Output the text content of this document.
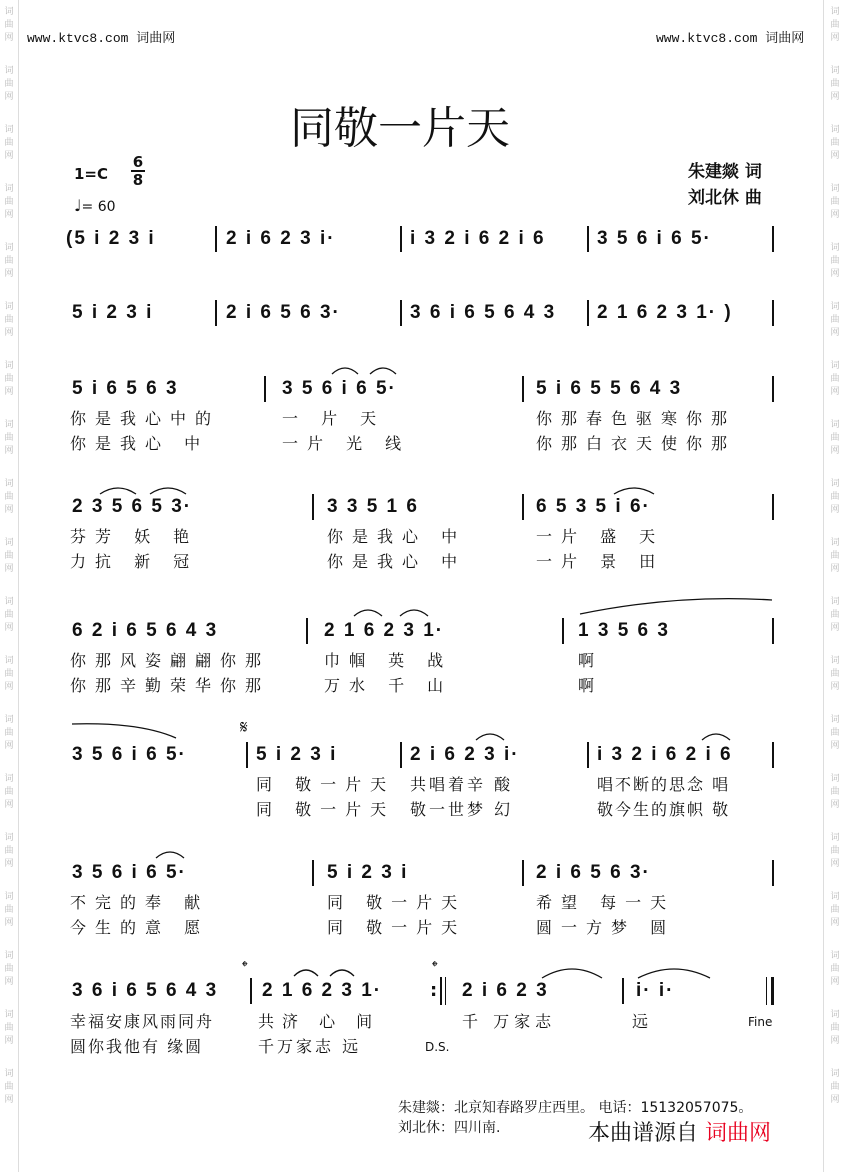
词曲网
词曲网
词曲网
词曲网
词曲网
词曲网
词曲网
词曲网
词曲网
词曲网
词曲网
词曲网
词曲网
词曲网
词曲网
词曲网
词曲网
词曲网
词曲网
词曲网
词曲网
词曲网
词曲网
词曲网
词曲网
词曲网
词曲网
词曲网
词曲网
词曲网
词曲网
词曲网
词曲网
词曲网
词曲网
词曲网
词曲网
词曲网
www.ktvc8.com 词曲网	www.ktvc8.com 词曲网
同敬一片天
1=C
6
8
♩= 60
朱建燚 词
刘北休 曲
(5 i 2 3 i	2 i 6 2 3 i·	i 3 2 i 6 2 i 6	3 5 6 i 6 5·
5 i 2 3 i	2 i 6 5 6 3·	3 6 i 6 5 6 4 3 2 1 6 2 3 1· )
5 i 6 5 6 3	3 5 6 i 6 5·	5 i 6 5 5 6 4 3
你是我心中的	一 片 天	你那春色驱寒你那
你是我心 中	一片 光 线	你那白衣天使你那
2 3 5 6 5 3·	3 3 5 1 6	6 5 3 5 i 6·
芬芳 妖 艳	你是我心 中	一片 盛 天
力抗 新 冠	你是我心 中	一片 景 田
6 2 i 6 5 6 4 3	2 1 6 2 3 1·	1 3 5 6 3
你那风姿翩翩你那	巾帼 英 战	啊
你那辛勤荣华你那	万水 千 山	啊
𝄋
3 5 6 i 6 5·	5 i 2 3 i	2 i 6 2 3 i·	i 3 2 i 6 2 i 6
同 敬一片天 共唱着辛 酸	唱不断的思念 唱
同 敬一片天 敬一世梦 幻	敬今生的旗帜 敬
3 5 6 i 6 5·	5 i 2 3 i	2 i 6 5 6 3·
不完的奉 献	同 敬一片天	希望 每一天
今生的意 愿	同 敬一片天	圆一方梦 圆
𝄌	𝄌
3 6 i 6 5 6 4 3 2 1 6 2 3 1·	: 2 i 6 2 3	i· i·
幸福安康风雨同舟	共济 心 间	千 万家志	远	Fine
圆你我他有 缘圆	千万家志 远	D.S.
朱建燚：北京知春路罗庄西里。 电话：15132057075。
刘北休：四川南.	本曲谱源自 词曲网
